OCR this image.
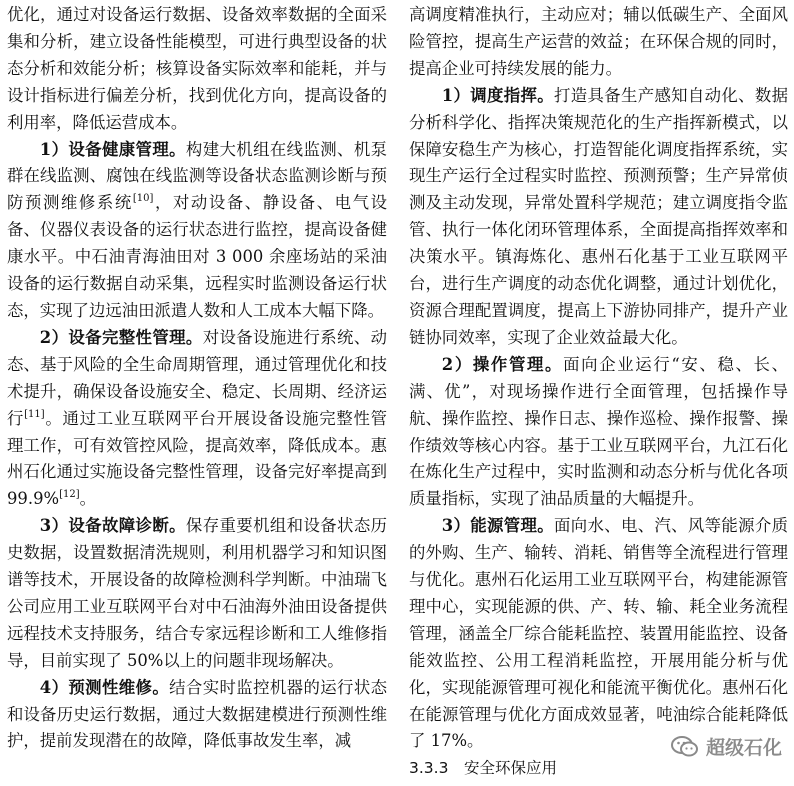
优化，通过对设备运行数据、设备效率数据的全面采集和分析，建立设备性能模型，可进行典型设备的状态分析和效能分析；核算设备实际效率和能耗，并与设计指标进行偏差分析，找到优化方向，提高设备的利用率，降低运营成本。

1）设备健康管理。构建大机组在线监测、机泵群在线监测、腐蚀在线监测等设备状态监测诊断与预防预测维修系统[10]，对动设备、静设备、电气设备、仪器仪表设备的运行状态进行监控，提高设备健康水平。中石油青海油田对 3 000 余座场站的采油设备的运行数据自动采集，远程实时监测设备运行状态，实现了边远油田派遣人数和人工成本大幅下降。

2）设备完整性管理。对设备设施进行系统、动态、基于风险的全生命周期管理，通过管理优化和技术提升，确保设备设施安全、稳定、长周期、经济运行[11]。通过工业互联网平台开展设备设施完整性管理工作，可有效管控风险，提高效率，降低成本。惠州石化通过实施设备完整性管理，设备完好率提高到 99.9%[12]。

3）设备故障诊断。保存重要机组和设备状态历史数据，设置数据清洗规则，利用机器学习和知识图谱等技术，开展设备的故障检测科学判断。中油瑞飞公司应用工业互联网平台对中石油海外油田设备提供远程技术支持服务，结合专家远程诊断和工人维修指导，目前实现了 50%以上的问题非现场解决。

4）预测性维修。结合实时监控机器的运行状态和设备历史运行数据，通过大数据建模进行预测性维护，提前发现潜在的故障，降低事故发生率，减

高调度精准执行，主动应对；辅以低碳生产、全面风险管控，提高生产运营的效益；在环保合规的同时，提高企业可持续发展的能力。

1）调度指挥。打造具备生产感知自动化、数据分析科学化、指挥决策规范化的生产指挥新模式，以保障安稳生产为核心，打造智能化调度指挥系统，实现生产运行全过程实时监控、预测预警；生产异常侦测及主动发现，异常处置科学规范；建立调度指令监管、执行一体化闭环管理体系，全面提高指挥效率和决策水平。镇海炼化、惠州石化基于工业互联网平台，进行生产调度的动态优化调整，通过计划优化，资源合理配置调度，提高上下游协同排产，提升产业链协同效率，实现了企业效益最大化。

2）操作管理。面向企业运行“安、稳、长、满、优”，对现场操作进行全面管理，包括操作导航、操作监控、操作日志、操作巡检、操作报警、操作绩效等核心内容。基于工业互联网平台，九江石化在炼化生产过程中，实时监测和动态分析与优化各项质量指标，实现了油品质量的大幅提升。

3）能源管理。面向水、电、汽、风等能源介质的外购、生产、输转、消耗、销售等全流程进行管理与优化。惠州石化运用工业互联网平台，构建能源管理中心，实现能源的供、产、转、输、耗全业务流程管理，涵盖全厂综合能耗监控、装置用能监控、设备能效监控、公用工程消耗监控，开展用能分析与优化，实现能源管理可视化和能流平衡优化。惠州石化在能源管理与优化方面成效显著，吨油综合能耗降低了 17%。

3.3.3　安全环保应用

超级石化
